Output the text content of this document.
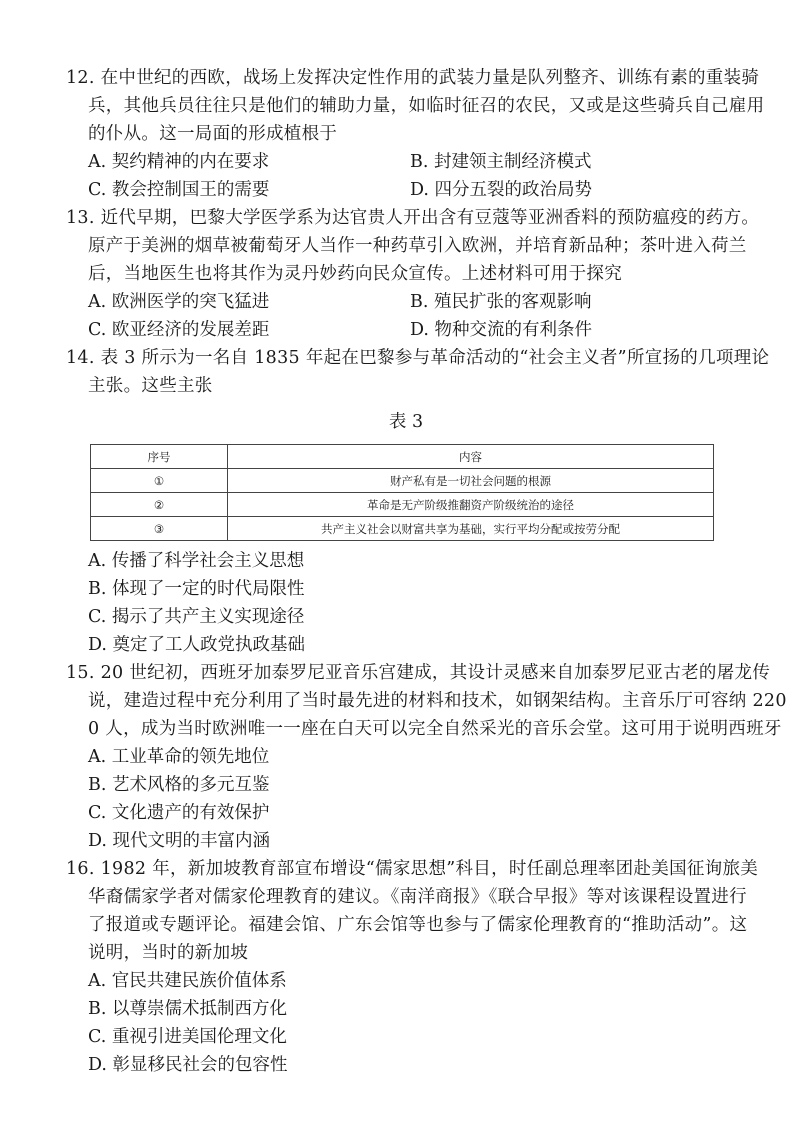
12. 在中世纪的西欧，战场上发挥决定性作用的武装力量是队列整齐、训练有素的重装骑
兵，其他兵员往往只是他们的辅助力量，如临时征召的农民，又或是这些骑兵自己雇用
的仆从。这一局面的形成植根于
A. 契约精神的内在要求	B. 封建领主制经济模式
C. 教会控制国王的需要	D. 四分五裂的政治局势
13. 近代早期，巴黎大学医学系为达官贵人开出含有豆蔻等亚洲香料的预防瘟疫的药方。
原产于美洲的烟草被葡萄牙人当作一种药草引入欧洲，并培育新品种；茶叶进入荷兰
后，当地医生也将其作为灵丹妙药向民众宣传。上述材料可用于探究
A. 欧洲医学的突飞猛进	B. 殖民扩张的客观影响
C. 欧亚经济的发展差距	D. 物种交流的有利条件
14. 表 3 所示为一名自 1835 年起在巴黎参与革命活动的“社会主义者”所宣扬的几项理论
主张。这些主张
表 3
序号	内容
①	财产私有是一切社会问题的根源
②	革命是无产阶级推翻资产阶级统治的途径
③	共产主义社会以财富共享为基础，实行平均分配或按劳分配
A. 传播了科学社会主义思想
B. 体现了一定的时代局限性
C. 揭示了共产主义实现途径
D. 奠定了工人政党执政基础
15. 20 世纪初，西班牙加泰罗尼亚音乐宫建成，其设计灵感来自加泰罗尼亚古老的屠龙传
说，建造过程中充分利用了当时最先进的材料和技术，如钢架结构。主音乐厅可容纳 220
0 人，成为当时欧洲唯一一座在白天可以完全自然采光的音乐会堂。这可用于说明西班牙
A. 工业革命的领先地位
B. 艺术风格的多元互鉴
C. 文化遗产的有效保护
D. 现代文明的丰富内涵
16. 1982 年，新加坡教育部宣布增设“儒家思想”科目，时任副总理率团赴美国征询旅美
华裔儒家学者对儒家伦理教育的建议。《南洋商报》《联合早报》等对该课程设置进行
了报道或专题评论。福建会馆、广东会馆等也参与了儒家伦理教育的“推助活动”。这
说明，当时的新加坡
A. 官民共建民族价值体系
B. 以尊崇儒术抵制西方化
C. 重视引进美国伦理文化
D. 彰显移民社会的包容性
